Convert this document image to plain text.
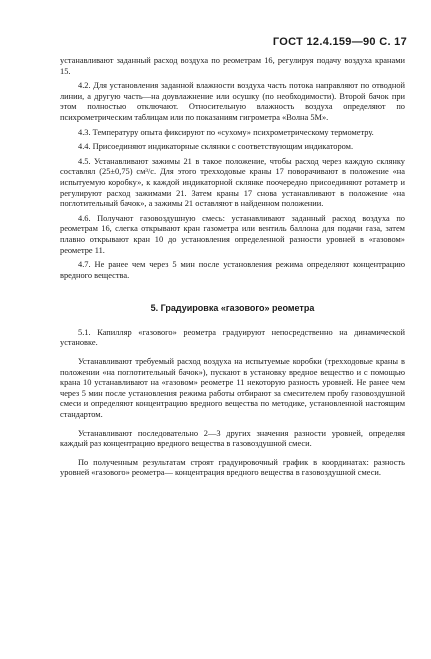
ГОСТ 12.4.159—90 С. 17

устанавливают заданный расход воздуха по реометрам 16, регулируя подачу воздуха кранами 15.

4.2. Для установления заданной влажности воздуха часть потока направляют по отводной линии, а другую часть—на доувлажнение или осушку (по необходимости). Второй бачок при этом полностью отключают. Относительную влажность воздуха определяют по психрометрическим таблицам или по показаниям гигрометра «Волна 5М».

4.3. Температуру опыта фиксируют по «сухому» психрометрическому термометру.

4.4. Присоединяют индикаторные склянки с соответствующим индикатором.

4.5. Устанавливают зажимы 21 в такое положение, чтобы расход через каждую склянку составлял (25±0,75) см³/с. Для этого трехходовые краны 17 поворачивают в положение «на испытуемую коробку», к каждой индикаторной склянке поочередно присоединяют ротаметр и регулируют расход зажимами 21. Затем краны 17 снова устанавливают в положение «на поглотительный бачок», а зажимы 21 оставляют в найденном положении.

4.6. Получают газовоздушную смесь: устанавливают заданный расход воздуха по реометрам 16, слегка открывают кран газометра или вентиль баллона для подачи газа, затем плавно открывают кран 10 до установления определенной разности уровней в «газовом» реометре 11.

4.7. Не ранее чем через 5 мин после установления режима определяют концентрацию вредного вещества.

5. Градуировка «газового» реометра

5.1. Капилляр «газового» реометра градуируют непосредственно на динамической установке.

Устанавливают требуемый расход воздуха на испытуемые коробки (трехходовые краны в положении «на поглотительный бачок»), пускают в установку вредное вещество и с помощью крана 10 устанавливают на «газовом» реометре 11 некоторую разность уровней. Не ранее чем через 5 мин после установления режима работы отбирают за смесителем пробу газовоздушной смеси и определяют концентрацию вредного вещества по методике, установленной настоящим стандартом.

Устанавливают последовательно 2—3 других значения разности уровней, определяя каждый раз концентрацию вредного вещества в газовоздушной смеси.

По полученным результатам строят градуировочный график в координатах: разность уровней «газового» реометра— концентрация вредного вещества в газовоздушной смеси.
